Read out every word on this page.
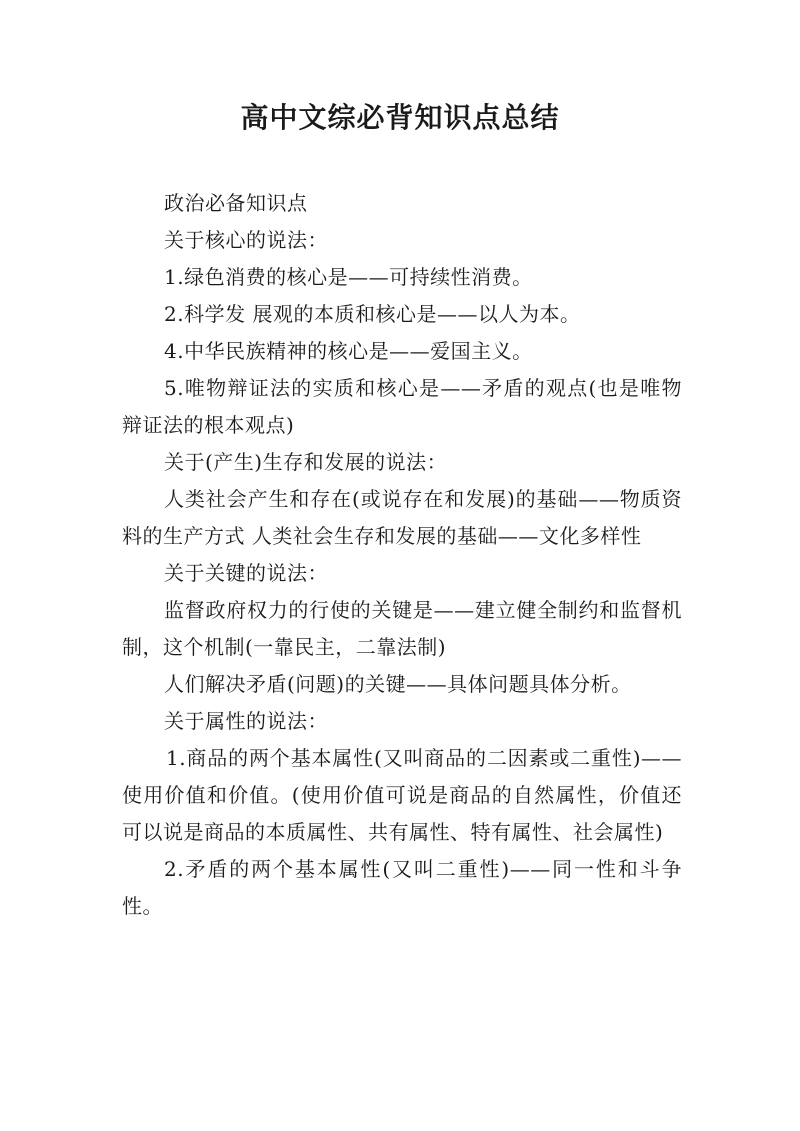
高中文综必背知识点总结

政治必备知识点

关于核心的说法：

1.绿色消费的核心是——可持续性消费。

2.科学发 展观的本质和核心是——以人为本。

4.中华民族精神的核心是——爱国主义。

5.唯物辩证法的实质和核心是——矛盾的观点(也是唯物辩证法的根本观点)

关于(产生)生存和发展的说法：

人类社会产生和存在(或说存在和发展)的基础——物质资料的生产方式 人类社会生存和发展的基础——文化多样性

关于关键的说法：

监督政府权力的行使的关键是——建立健全制约和监督机制，这个机制(一靠民主，二靠法制)

人们解决矛盾(问题)的关键——具体问题具体分析。

关于属性的说法：

1.商品的两个基本属性(又叫商品的二因素或二重性)——使用价值和价值。(使用价值可说是商品的自然属性，价值还可以说是商品的本质属性、共有属性、特有属性、社会属性)

2.矛盾的两个基本属性(又叫二重性)——同一性和斗争性。
